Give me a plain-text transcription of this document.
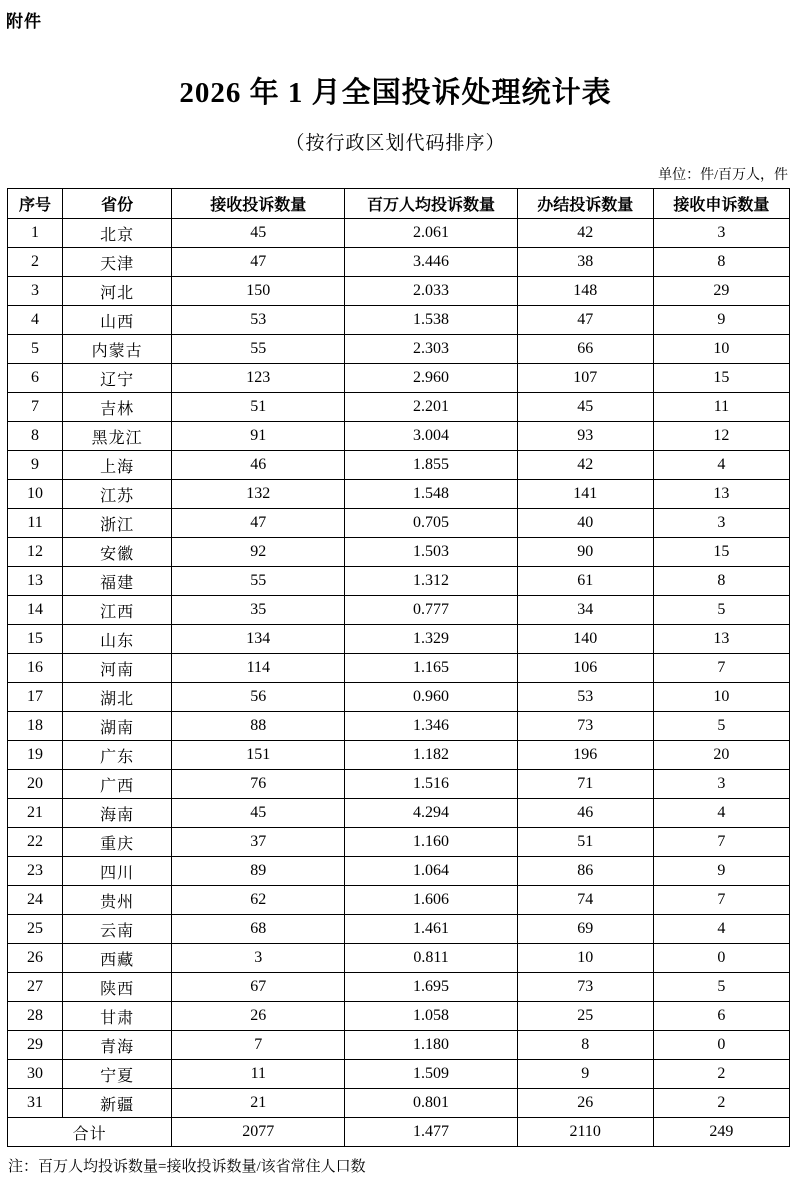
附件
2026 年 1 月全国投诉处理统计表
（按行政区划代码排序）
单位：件/百万人，件
序号	省份	接收投诉数量	百万人均投诉数量	办结投诉数量	接收申诉数量
1	北京	45	2.061	42	3
2	天津	47	3.446	38	8
3	河北	150	2.033	148	29
4	山西	53	1.538	47	9
5	内蒙古	55	2.303	66	10
6	辽宁	123	2.960	107	15
7	吉林	51	2.201	45	11
8	黑龙江	91	3.004	93	12
9	上海	46	1.855	42	4
10	江苏	132	1.548	141	13
11	浙江	47	0.705	40	3
12	安徽	92	1.503	90	15
13	福建	55	1.312	61	8
14	江西	35	0.777	34	5
15	山东	134	1.329	140	13
16	河南	114	1.165	106	7
17	湖北	56	0.960	53	10
18	湖南	88	1.346	73	5
19	广东	151	1.182	196	20
20	广西	76	1.516	71	3
21	海南	45	4.294	46	4
22	重庆	37	1.160	51	7
23	四川	89	1.064	86	9
24	贵州	62	1.606	74	7
25	云南	68	1.461	69	4
26	西藏	3	0.811	10	0
27	陕西	67	1.695	73	5
28	甘肃	26	1.058	25	6
29	青海	7	1.180	8	0
30	宁夏	11	1.509	9	2
31	新疆	21	0.801	26	2
合计		2077	1.477	2110	249
注：百万人均投诉数量=接收投诉数量/该省常住人口数
